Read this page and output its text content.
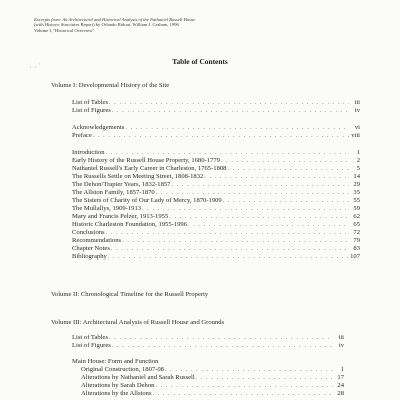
Excerpts from: An Architectural and Historical Analysis of the Nathaniel Russell House
(with Historic Structures Report) by Orlando Ridout, William J. Graham, 1996
Volume I, "Historical Overview"
, , '
Table of Contents
Volume I: Developmental History of the Site
List of Tables . . .	iii
List of Figures . . .	iv
Acknowledgements . . .	vi
Preface . . .	viii
Introduction . . .	1
Early History of the Russell House Property, 1680-1779 . . .	2
Nathaniel Russell's Early Career in Charleston, 1765-1808 . . .	5
The Russells Settle on Meeting Street, 1808-1832 . . .	14
The Dehon/Trapier Years, 1832-1857 . . .	29
The Allston Family, 1857-1870 . . .	35
The Sisters of Charity of Our Lady of Mercy, 1870-1909 . . .	55
The Mullallys, 1909-1913 . . .	59
Mary and Francis Pelzer, 1913-1955 . . .	62
Historic Charleston Foundation, 1955-1996 . . .	65
Conclusions . . .	72
Recommendations . . .	79
Chapter Notes . . .	83
Bibliography . . .	107
Volume II: Chronological Timeline for the Russell Property
Volume III: Architectural Analysis of Russell House and Grounds
List of Tables . . .	iii
List of Figures . . .	iv
Main House: Form and Function
Original Construction, 1807-08 . . .	1
Alterations by Nathaniel and Sarah Russell . . .	17
Alterations by Sarah Dehon . . .	24
Alterations by the Allstons . . .	28
